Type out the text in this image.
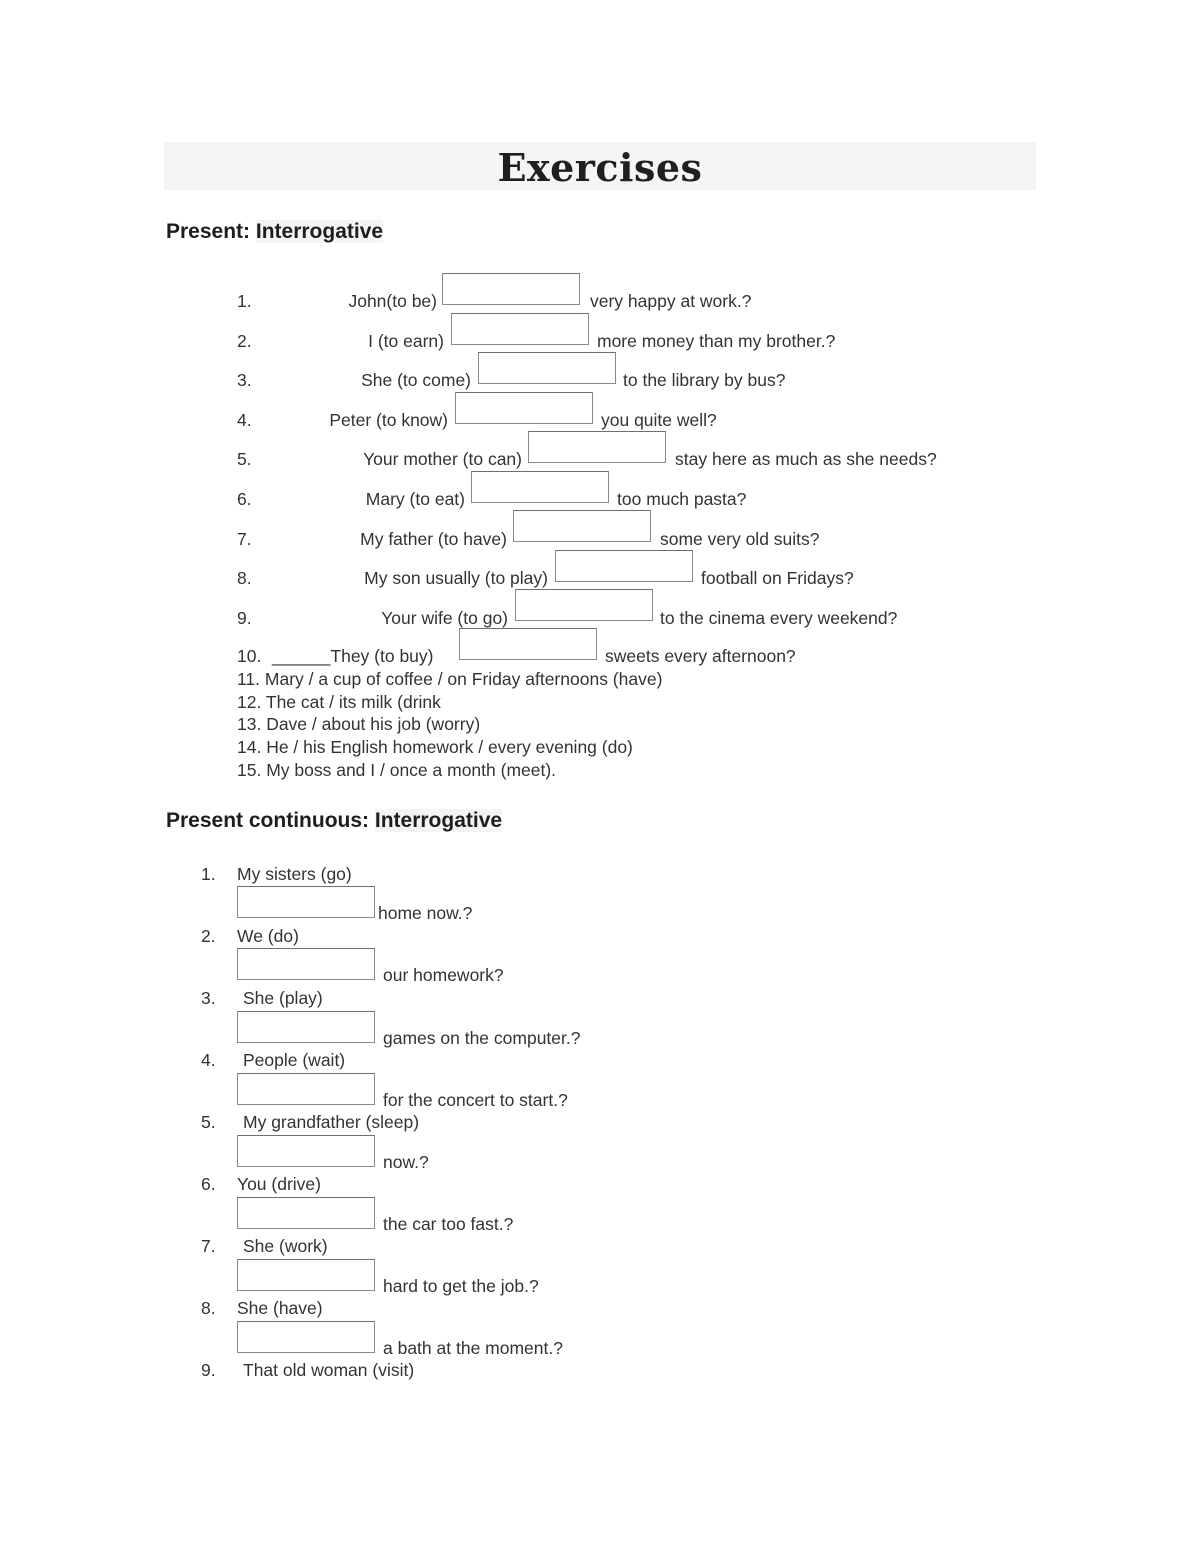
Exercises
Present: Interrogative
1.	John(to be)	very happy at work.?
2.	I (to earn)	more money than my brother.?
3.	She (to come)	to the library by bus?
4.	Peter (to know)	you quite well?
5.	Your mother (to can)	stay here as much as she needs?
6.	Mary (to eat)	too much pasta?
7.	My father (to have)	some very old suits?
8.	My son usually (to play)	football on Fridays?
9.	Your wife (to go)	to the cinema every weekend?
10. ______They (to buy)	sweets every afternoon?
11. Mary / a cup of coffee / on Friday afternoons (have)
12. The cat / its milk (drink
13. Dave / about his job (worry)
14. He / his English homework / every evening (do)
15. My boss and I / once a month (meet).
Present continuous: Interrogative
1. My sisters (go)
home now.?
2. We (do)
our homework?
3. She (play)
games on the computer.?
4. People (wait)
for the concert to start.?
5. My grandfather (sleep)
now.?
6. You (drive)
the car too fast.?
7. She (work)
hard to get the job.?
8. She (have)
a bath at the moment.?
9. That old woman (visit)
